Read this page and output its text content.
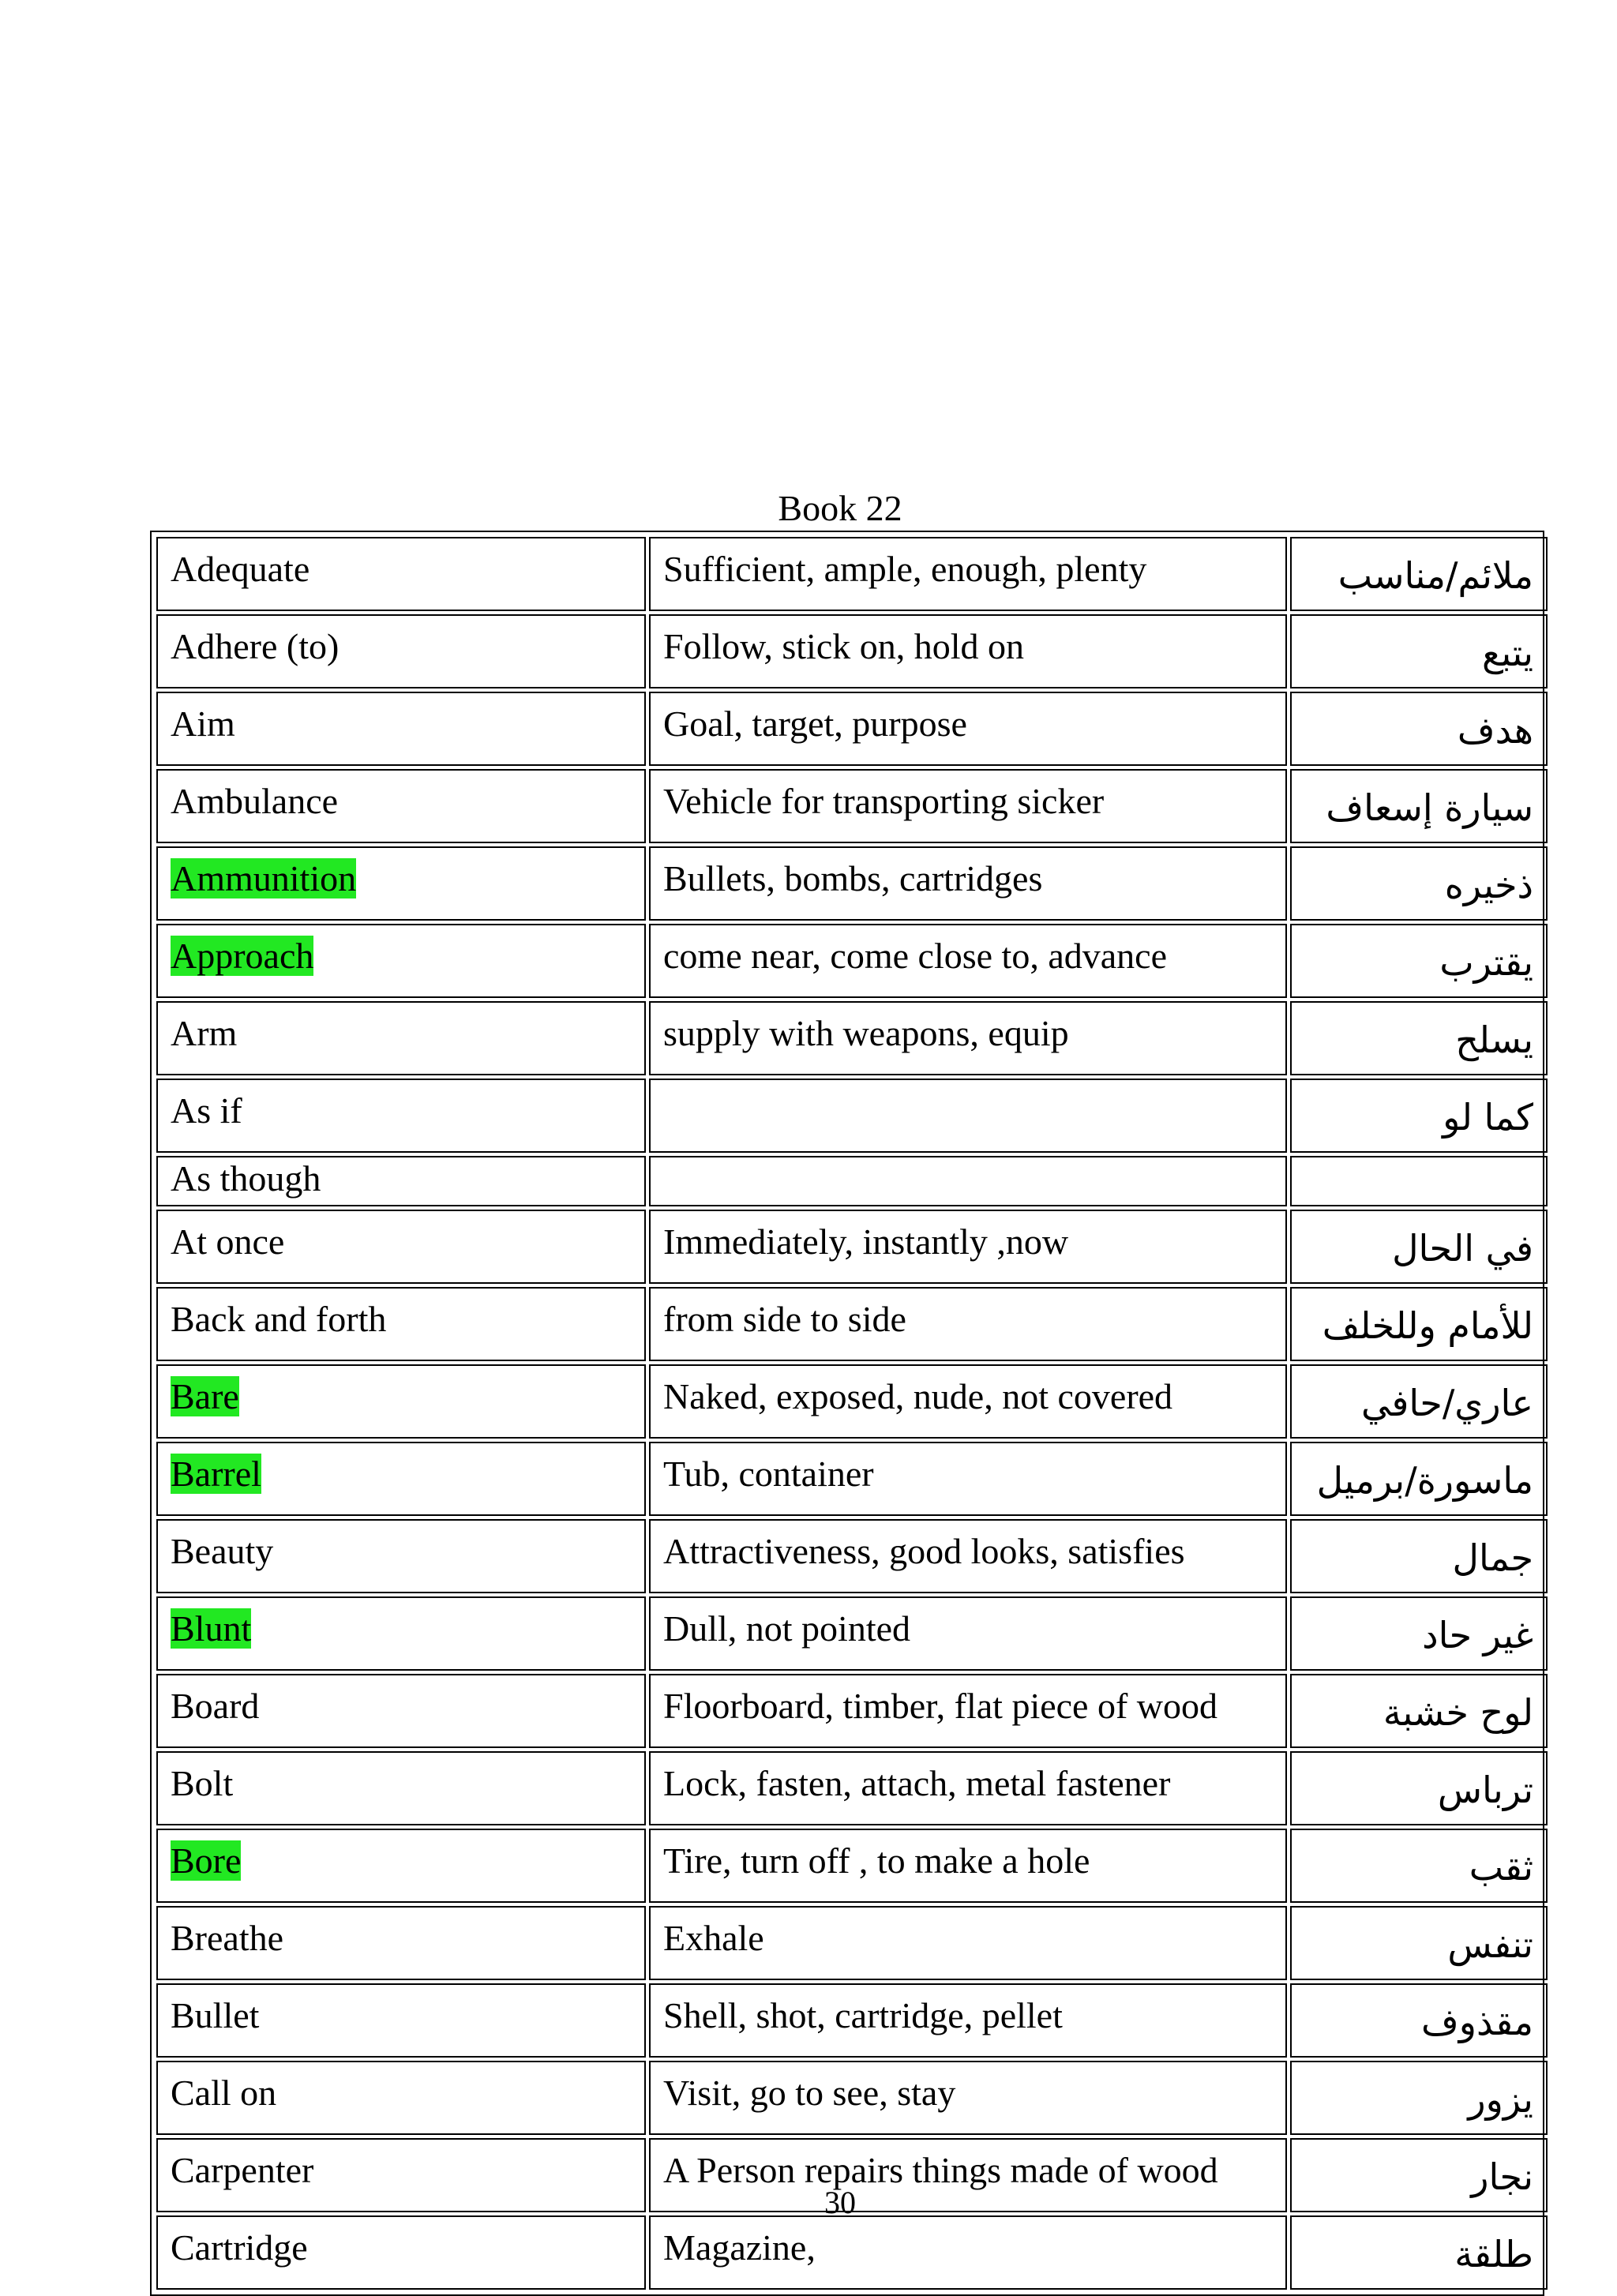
Book 22
Adequate	Sufficient, ample, enough, plenty	ملائم/مناسب

Adhere (to)	Follow, stick on, hold on	يتبع

Aim	Goal, target, purpose	هدف

Ambulance	Vehicle for transporting sicker	سيارة إسعاف

Ammunition	Bullets, bombs, cartridges	ذخيره

Approach	come near, come close to, advance	يقترب

Arm	supply with weapons, equip	يسلح

As if		كما لو

As though		

At once	Immediately, instantly ,now	في الحال

Back and forth	from side to side	للأمام وللخلف

Bare	Naked, exposed, nude, not covered	عاري/حافي

Barrel	Tub, container	ماسورة/برميل

Beauty	Attractiveness, good looks, satisfies	جمال

Blunt	Dull, not pointed	غير حاد

Board	Floorboard, timber, flat piece of wood	لوح خشبة

Bolt	Lock, fasten, attach, metal fastener	ترباس

Bore	Tire, turn off , to make a hole	ثقب

Breathe	Exhale	تنفس

Bullet	Shell, shot, cartridge, pellet	مقذوف

Call on	Visit, go to see, stay	يزور

Carpenter	A Person repairs things made of wood	نجار

Cartridge	Magazine,	طلقة
30
